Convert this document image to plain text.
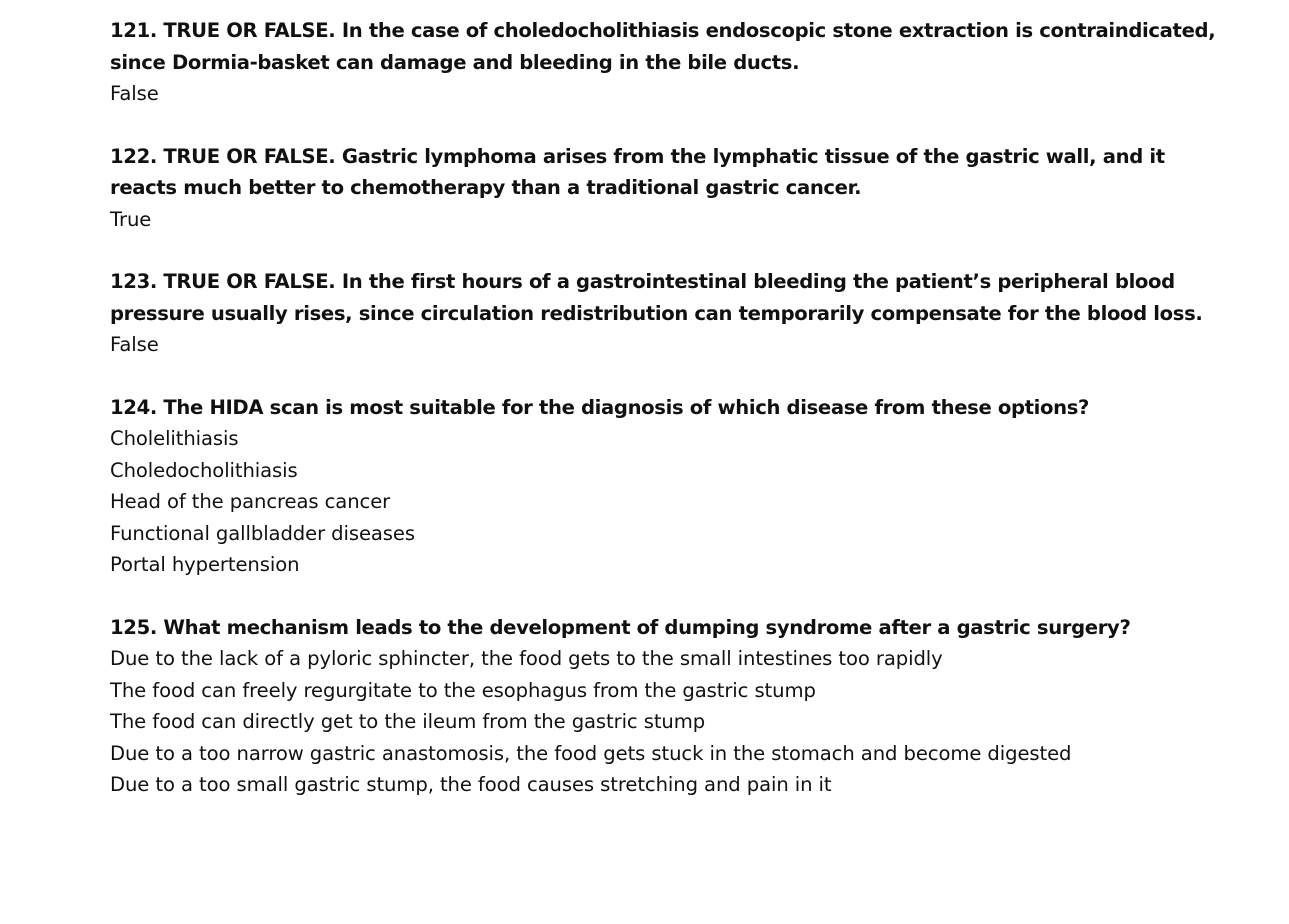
121. TRUE OR FALSE. In the case of choledocholithiasis endoscopic stone extraction is contraindicated, since Dormia-basket can damage and bleeding in the bile ducts.
False
122. TRUE OR FALSE. Gastric lymphoma arises from the lymphatic tissue of the gastric wall, and it reacts much better to chemotherapy than a traditional gastric cancer.
True
123. TRUE OR FALSE. In the first hours of a gastrointestinal bleeding the patient’s peripheral blood pressure usually rises, since circulation redistribution can temporarily compensate for the blood loss.
False
124. The HIDA scan is most suitable for the diagnosis of which disease from these options?
Cholelithiasis
Choledocholithiasis
Head of the pancreas cancer
Functional gallbladder diseases
Portal hypertension
125. What mechanism leads to the development of dumping syndrome after a gastric surgery?
Due to the lack of a pyloric sphincter, the food gets to the small intestines too rapidly
The food can freely regurgitate to the esophagus from the gastric stump
The food can directly get to the ileum from the gastric stump
Due to a too narrow gastric anastomosis, the food gets stuck in the stomach and become digested
Due to a too small gastric stump, the food causes stretching and pain in it
